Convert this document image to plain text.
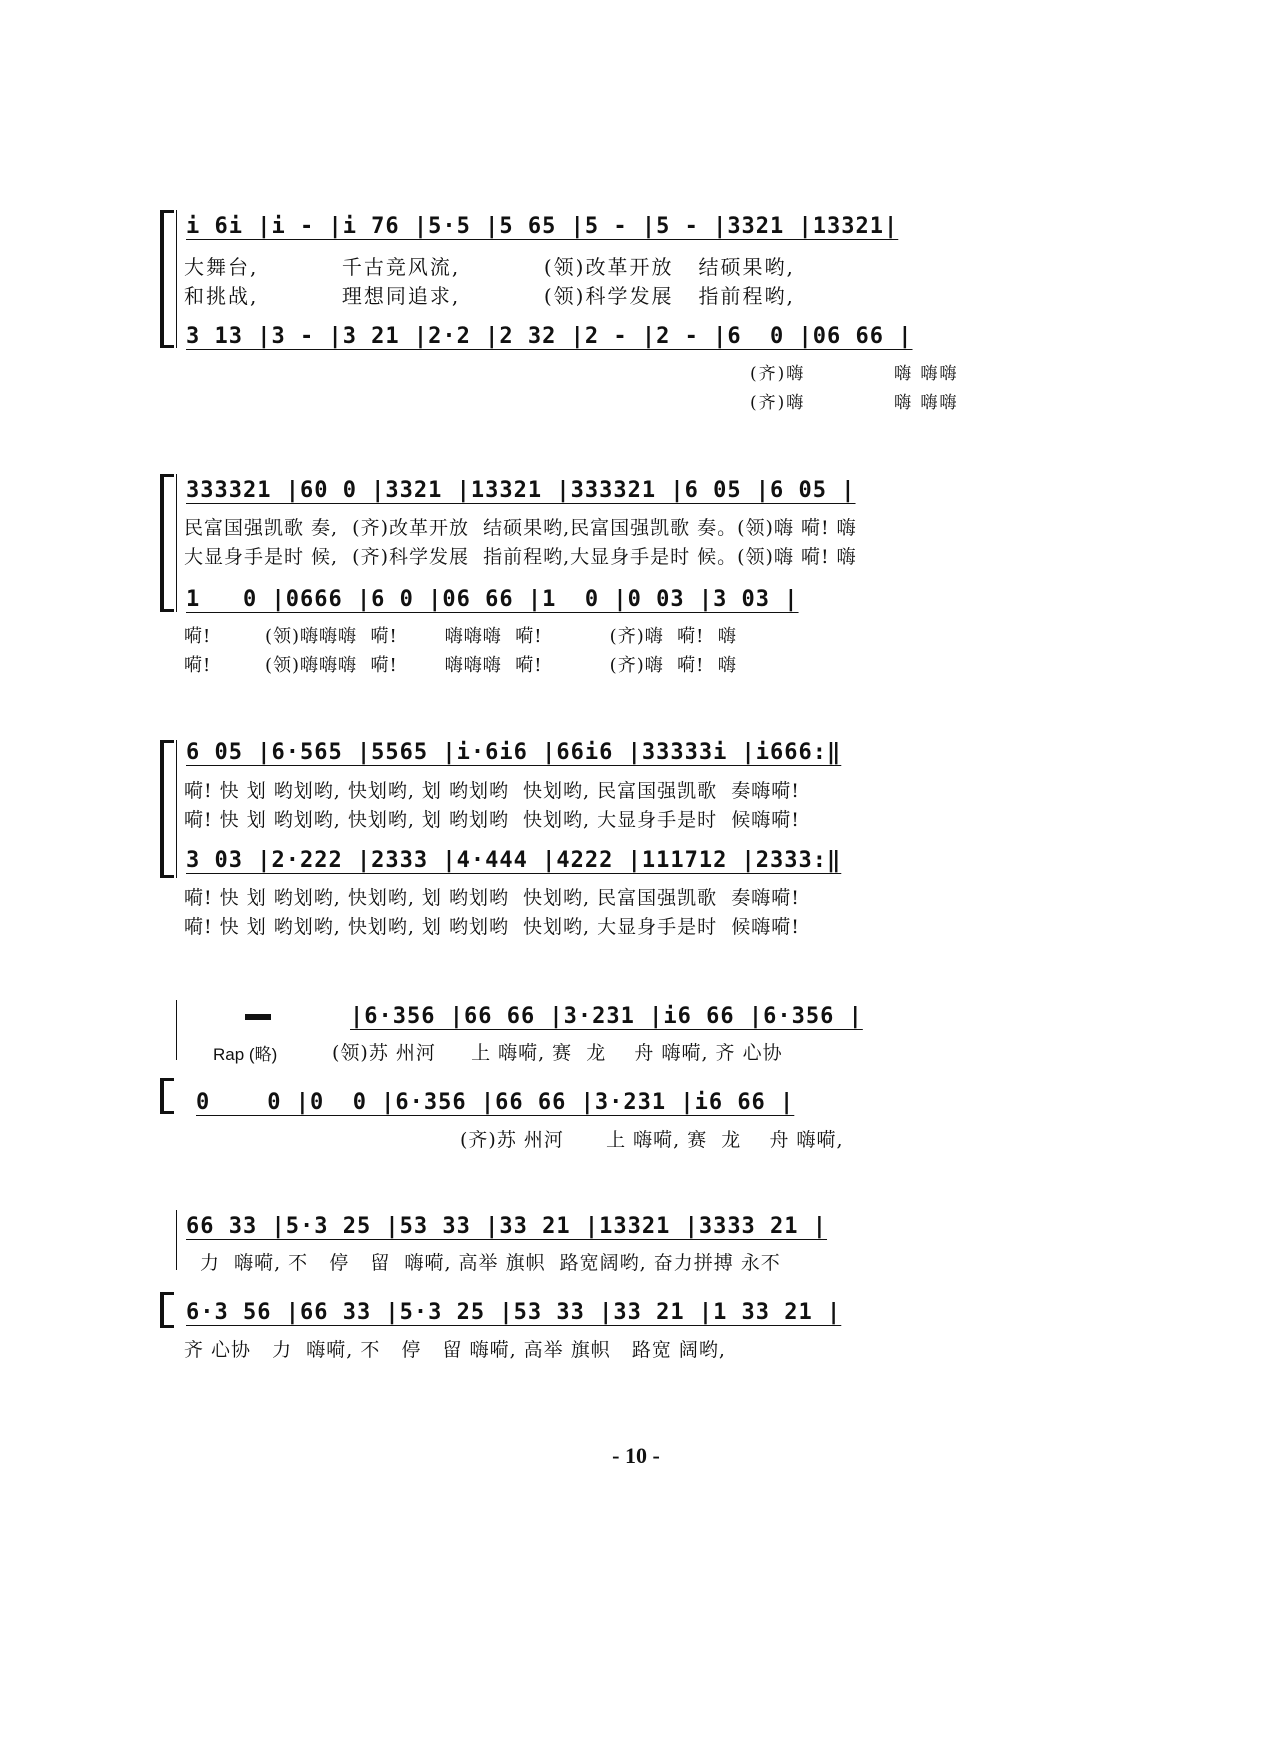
i 6i |i - |i 76 |5·5 |5 65 |5 - |5 - |3321 |13321|
大舞台,          千古竞风流,          (领)改革开放   结硕果哟,
和挑战,          理想同追求,          (领)科学发展   指前程哟,
3 13 |3 - |3 21 |2·2 |2 32 |2 - |2 - |6  0 |06 66 |
(齐)嗨            嗨 嗨嗨
(齐)嗨            嗨 嗨嗨
333321 |60 0 |3321 |13321 |333321 |6 05 |6 05 |
民富国强凯歌 奏,  (齐)改革开放  结硕果哟,民富国强凯歌 奏。(领)嗨 嗬! 嗨
大显身手是时 候,  (齐)科学发展  指前程哟,大显身手是时 候。(领)嗨 嗬! 嗨
1   0 |0666 |6 0 |06 66 |1  0 |0 03 |3 03 |
嗬!        (领)嗨嗨嗨  嗬!       嗨嗨嗨  嗬!          (齐)嗨  嗬!  嗨
嗬!        (领)嗨嗨嗨  嗬!       嗨嗨嗨  嗬!          (齐)嗨  嗬!  嗨
6 05 |6·565 |5565 |i·6i6 |66i6 |33333i |i666:‖
嗬! 快 划 哟划哟, 快划哟, 划 哟划哟  快划哟, 民富国强凯歌  奏嗨嗬!
嗬! 快 划 哟划哟, 快划哟, 划 哟划哟  快划哟, 大显身手是时  候嗨嗬!
3 03 |2·222 |2333 |4·444 |4222 |111712 |2333:‖
嗬! 快 划 哟划哟, 快划哟, 划 哟划哟  快划哟, 民富国强凯歌  奏嗨嗬!
嗬! 快 划 哟划哟, 快划哟, 划 哟划哟  快划哟, 大显身手是时  候嗨嗬!
|6·356 |66 66 |3·231 |i6 66 |6·356 |
Rap (略)	(领)苏 州河     上 嗨嗬, 赛  龙    舟 嗨嗬, 齐 心协
0    0 |0  0 |6·356 |66 66 |3·231 |i6 66 |
(齐)苏 州河      上 嗨嗬, 赛  龙    舟 嗨嗬,
66 33 |5·3 25 |53 33 |33 21 |13321 |3333 21 |
力  嗨嗬, 不   停   留  嗨嗬, 高举 旗帜  路宽阔哟, 奋力拼搏 永不
6·3 56 |66 33 |5·3 25 |53 33 |33 21 |1 33 21 |
齐 心协   力  嗨嗬, 不   停   留 嗨嗬, 高举 旗帜   路宽 阔哟,
- 10 -
